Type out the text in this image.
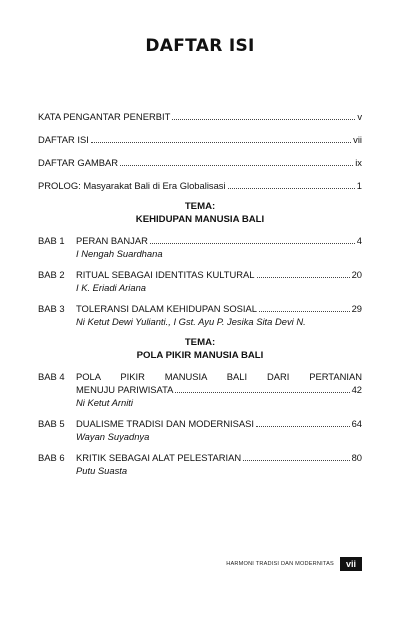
DAFTAR ISI
KATA PENGANTAR PENERBIT	v
DAFTAR ISI	vii
DAFTAR GAMBAR	ix
PROLOG: Masyarakat Bali di Era Globalisasi	1
TEMA:
KEHIDUPAN MANUSIA BALI
BAB 1	PERAN BANJAR	4
I Nengah Suardhana
BAB 2	RITUAL SEBAGAI IDENTITAS KULTURAL	20
I K. Eriadi Ariana
BAB 3	TOLERANSI DALAM KEHIDUPAN SOSIAL	29
Ni Ketut Dewi Yulianti., I Gst. Ayu P. Jesika Sita Devi N.
TEMA:
POLA PIKIR MANUSIA BALI
BAB 4	POLA PIKIR MANUSIA BALI DARI PERTANIAN
MENUJU PARIWISATA	42
Ni Ketut Arniti
BAB 5	DUALISME TRADISI DAN MODERNISASI	64
Wayan Suyadnya
BAB 6	KRITIK SEBAGAI ALAT PELESTARIAN	80
Putu Suasta
HARMONI TRADISI DAN MODERNITAS	vii
